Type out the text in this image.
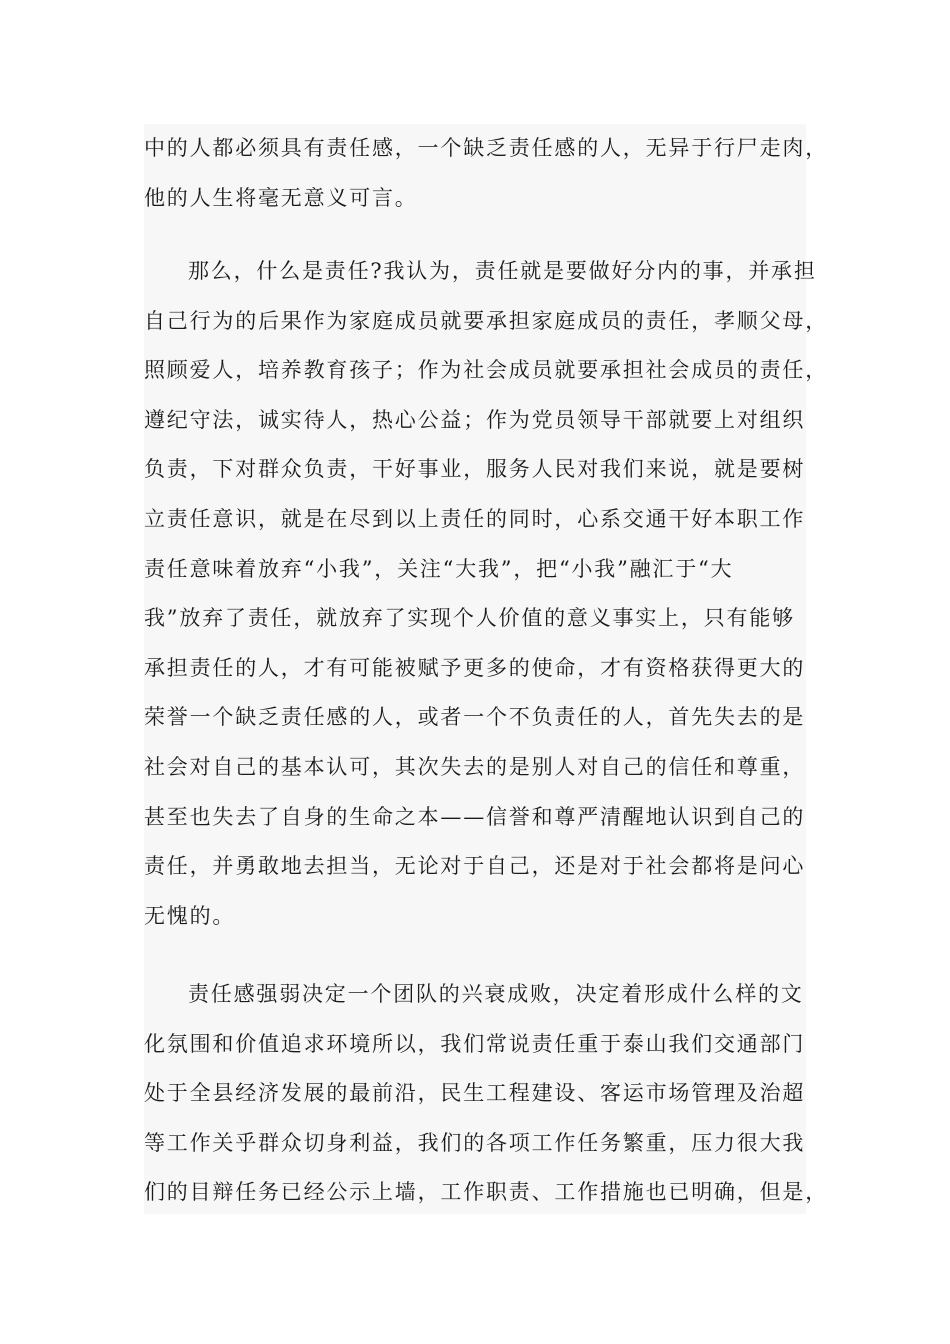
中的人都必须具有责任感，一个缺乏责任感的人，无异于行尸走肉，
他的人生将毫无意义可言。
那么，什么是责任?我认为，责任就是要做好分内的事，并承担
自己行为的后果作为家庭成员就要承担家庭成员的责任，孝顺父母，
照顾爱人，培养教育孩子；作为社会成员就要承担社会成员的责任，
遵纪守法，诚实待人，热心公益；作为党员领导干部就要上对组织
负责，下对群众负责，干好事业，服务人民对我们来说，就是要树
立责任意识，就是在尽到以上责任的同时，心系交通干好本职工作
责任意味着放弃“小我”，关注“大我”，把“小我”融汇于“大
我”放弃了责任，就放弃了实现个人价值的意义事实上，只有能够
承担责任的人，才有可能被赋予更多的使命，才有资格获得更大的
荣誉一个缺乏责任感的人，或者一个不负责任的人，首先失去的是
社会对自己的基本认可，其次失去的是别人对自己的信任和尊重，
甚至也失去了自身的生命之本——信誉和尊严清醒地认识到自己的
责任，并勇敢地去担当，无论对于自己，还是对于社会都将是问心
无愧的。
责任感强弱决定一个团队的兴衰成败，决定着形成什么样的文
化氛围和价值追求环境所以，我们常说责任重于泰山我们交通部门
处于全县经济发展的最前沿，民生工程建设、客运市场管理及治超
等工作关乎群众切身利益，我们的各项工作任务繁重，压力很大我
们的目辩任务已经公示上墙，工作职责、工作措施也已明确，但是，
